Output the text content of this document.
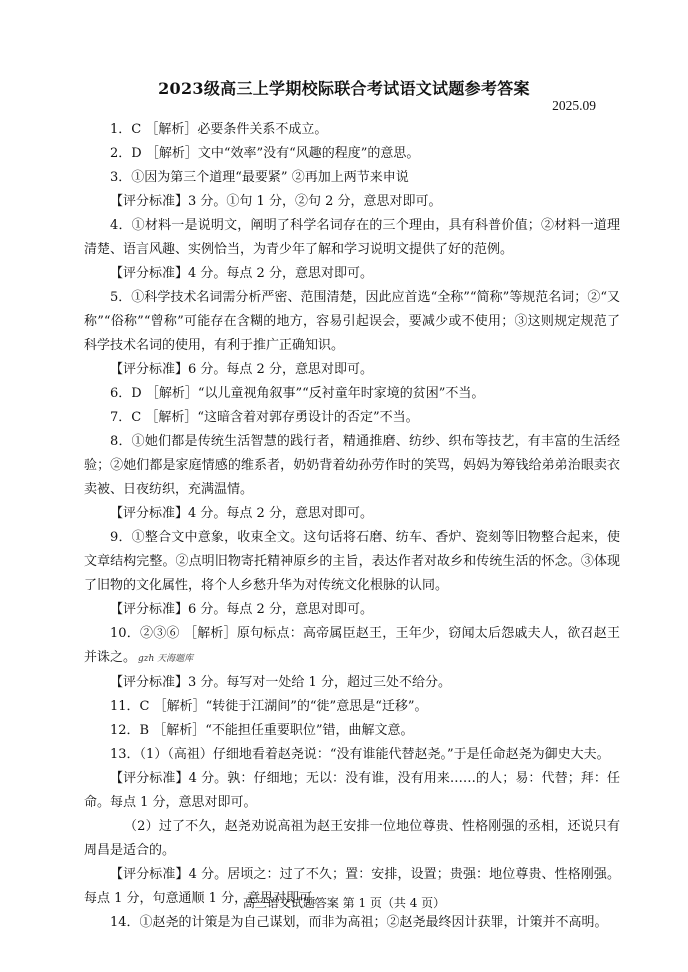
2023级高三上学期校际联合考试语文试题参考答案
2025.09

1．C ［解析］必要条件关系不成立。

2．D ［解析］文中“效率”没有“风趣的程度”的意思。

3．①因为第三个道理“最要紧” ②再加上两节来申说

【评分标准】3 分。①句 1 分，②句 2 分，意思对即可。

4．①材料一是说明文，阐明了科学名词存在的三个理由，具有科普价值；②材料一道理清楚、语言风趣、实例恰当，为青少年了解和学习说明文提供了好的范例。

【评分标准】4 分。每点 2 分，意思对即可。

5．①科学技术名词需分析严密、范围清楚，因此应首选“全称”“简称”等规范名词；②“又称”“俗称”“曾称”可能存在含糊的地方，容易引起误会，要减少或不使用；③这则规定规范了科学技术名词的使用，有利于推广正确知识。

【评分标准】6 分。每点 2 分，意思对即可。

6．D ［解析］“以儿童视角叙事”“反衬童年时家境的贫困”不当。

7．C ［解析］“这暗含着对郭存勇设计的否定”不当。

8．①她们都是传统生活智慧的践行者，精通推磨、纺纱、织布等技艺，有丰富的生活经验；②她们都是家庭情感的维系者，奶奶背着幼孙劳作时的笑骂，妈妈为筹钱给弟弟治眼卖衣卖被、日夜纺织，充满温情。

【评分标准】4 分。每点 2 分，意思对即可。

9．①整合文中意象，收束全文。这句话将石磨、纺车、香炉、瓷刻等旧物整合起来，使文章结构完整。②点明旧物寄托精神原乡的主旨，表达作者对故乡和传统生活的怀念。③体现了旧物的文化属性，将个人乡愁升华为对传统文化根脉的认同。

【评分标准】6 分。每点 2 分，意思对即可。

10．②③⑥ ［解析］原句标点：高帝属臣赵王，王年少，窃闻太后怨戚夫人，欲召赵王并诛之。 gzh 天海题库

【评分标准】3 分。每写对一处给 1 分，超过三处不给分。

11．C ［解析］“转徙于江湖间”的“徙”意思是“迁移”。

12．B ［解析］“不能担任重要职位”错，曲解文意。

13．（1）（高祖）仔细地看着赵尧说：“没有谁能代替赵尧。”于是任命赵尧为御史大夫。

【评分标准】4 分。孰：仔细地；无以：没有谁，没有用来……的人；易：代替；拜：任命。每点 1 分，意思对即可。

（2）过了不久，赵尧劝说高祖为赵王安排一位地位尊贵、性格刚强的丞相，还说只有周昌是适合的。

【评分标准】4 分。居顷之：过了不久；置：安排，设置；贵强：地位尊贵、性格刚强。每点 1 分，句意通顺 1 分，意思对即可。

14．①赵尧的计策是为自己谋划，而非为高祖；②赵尧最终因计获罪，计策并不高明。

高三语文试题答案 第 1 页（共 4 页）
